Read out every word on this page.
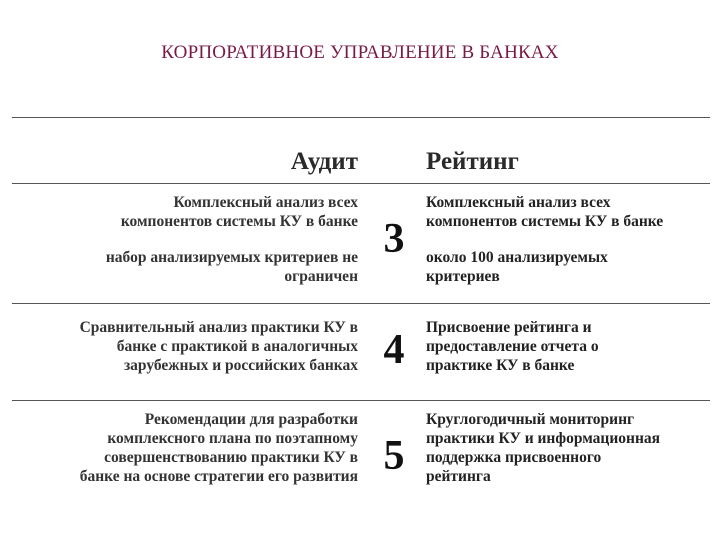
КОРПОРАТИВНОЕ УПРАВЛЕНИЕ В БАНКАХ
Аудит	Рейтинг
Комплексный анализ всех
компонентов системы КУ в банке
набор анализируемых критериев не
ограничен
3
Комплексный анализ всех
компонентов системы КУ в банке
около 100 анализируемых
критериев
Сравнительный анализ практики КУ в
банке с практикой в аналогичных
зарубежных и российских банках 4	Присвоение рейтинга и
предоставление отчета о
практике КУ в банке
Рекомендации для разработки
комплексного плана по поэтапному
совершенствованию практики КУ в
банке на основе стратегии его развития 5
Круглогодичный мониторинг
практики КУ и информационная
поддержка присвоенного
рейтинга
